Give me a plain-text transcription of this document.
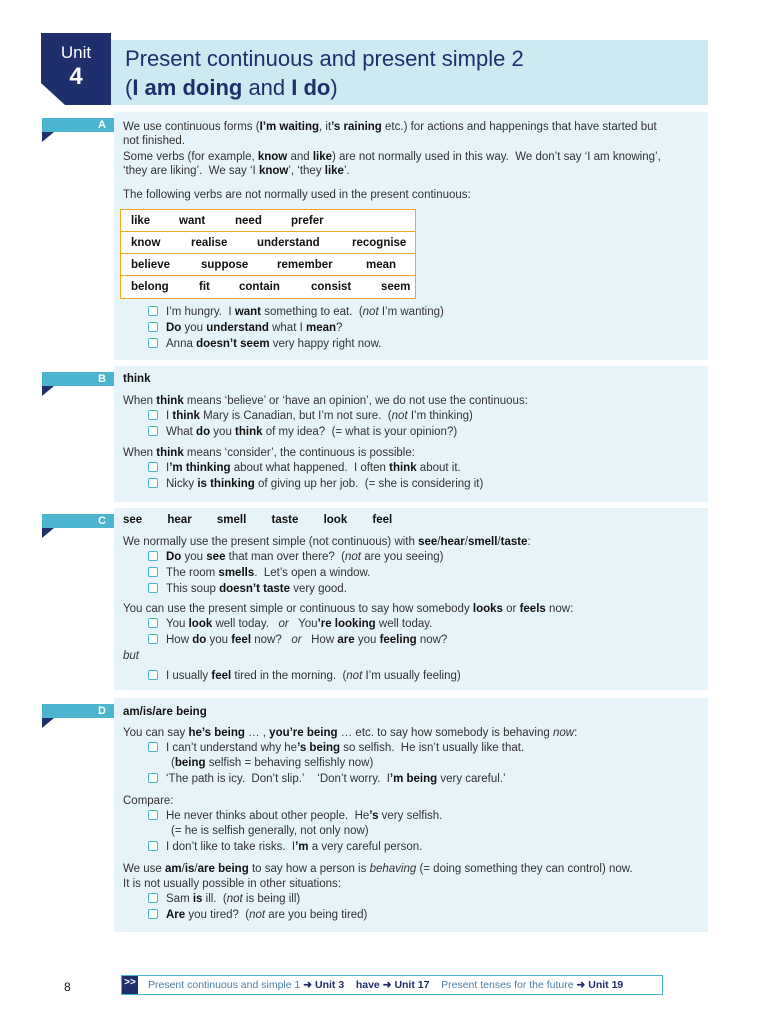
Unit
4
Present continuous and present simple 2
(I am doing and I do)
A We use continuous forms (I’m waiting, it’s raining etc.) for actions and happenings that have started but
not finished.
Some verbs (for example, know and like) are not normally used in this way.  We don’t say ‘I am knowing’,
‘they are liking’.  We say ‘I know’, ‘they like’.
The following verbs are not normally used in the present continuous:
like	want	need	prefer
know	realise	understand	recognise
believe	suppose	remember	mean
belong	fit	contain	consist	seem
I’m hungry.  I want something to eat.  (not I’m wanting)
Do you understand what I mean?
Anna doesn’t seem very happy right now.
B think
When think means ‘believe’ or ‘have an opinion’, we do not use the continuous:
I think Mary is Canadian, but I’m not sure.  (not I’m thinking)
What do you think of my idea?  (= what is your opinion?)
When think means ‘consider’, the continuous is possible:
I’m thinking about what happened.  I often think about it.
Nicky is thinking of giving up her job.  (= she is considering it)
C see hear smell taste look feel
We normally use the present simple (not continuous) with see/hear/smell/taste:
Do you see that man over there?  (not are you seeing)
The room smells.  Let’s open a window.
This soup doesn’t taste very good.
You can use the present simple or continuous to say how somebody looks or feels now:
You look well today.   or   You’re looking well today.
How do you feel now?   or   How are you feeling now?
but
I usually feel tired in the morning.  (not I’m usually feeling)
D am/is/are being
You can say he’s being … , you’re being … etc. to say how somebody is behaving now:
I can’t understand why he’s being so selfish.  He isn’t usually like that.
(being selfish = behaving selfishly now)
‘The path is icy.  Don’t slip.’    ‘Don’t worry.  I’m being very careful.’
Compare:
He never thinks about other people.  He’s very selfish.
(= he is selfish generally, not only now)
I don’t like to take risks.  I’m a very careful person.
We use am/is/are being to say how a person is behaving (= doing something they can control) now.
It is not usually possible in other situations:
Sam is ill.  (not is being ill)
Are you tired?  (not are you being tired)
8	>> Present continuous and simple 1 ➜ Unit 3 have ➜ Unit 17    Present tenses for the future ➜ Unit 19
